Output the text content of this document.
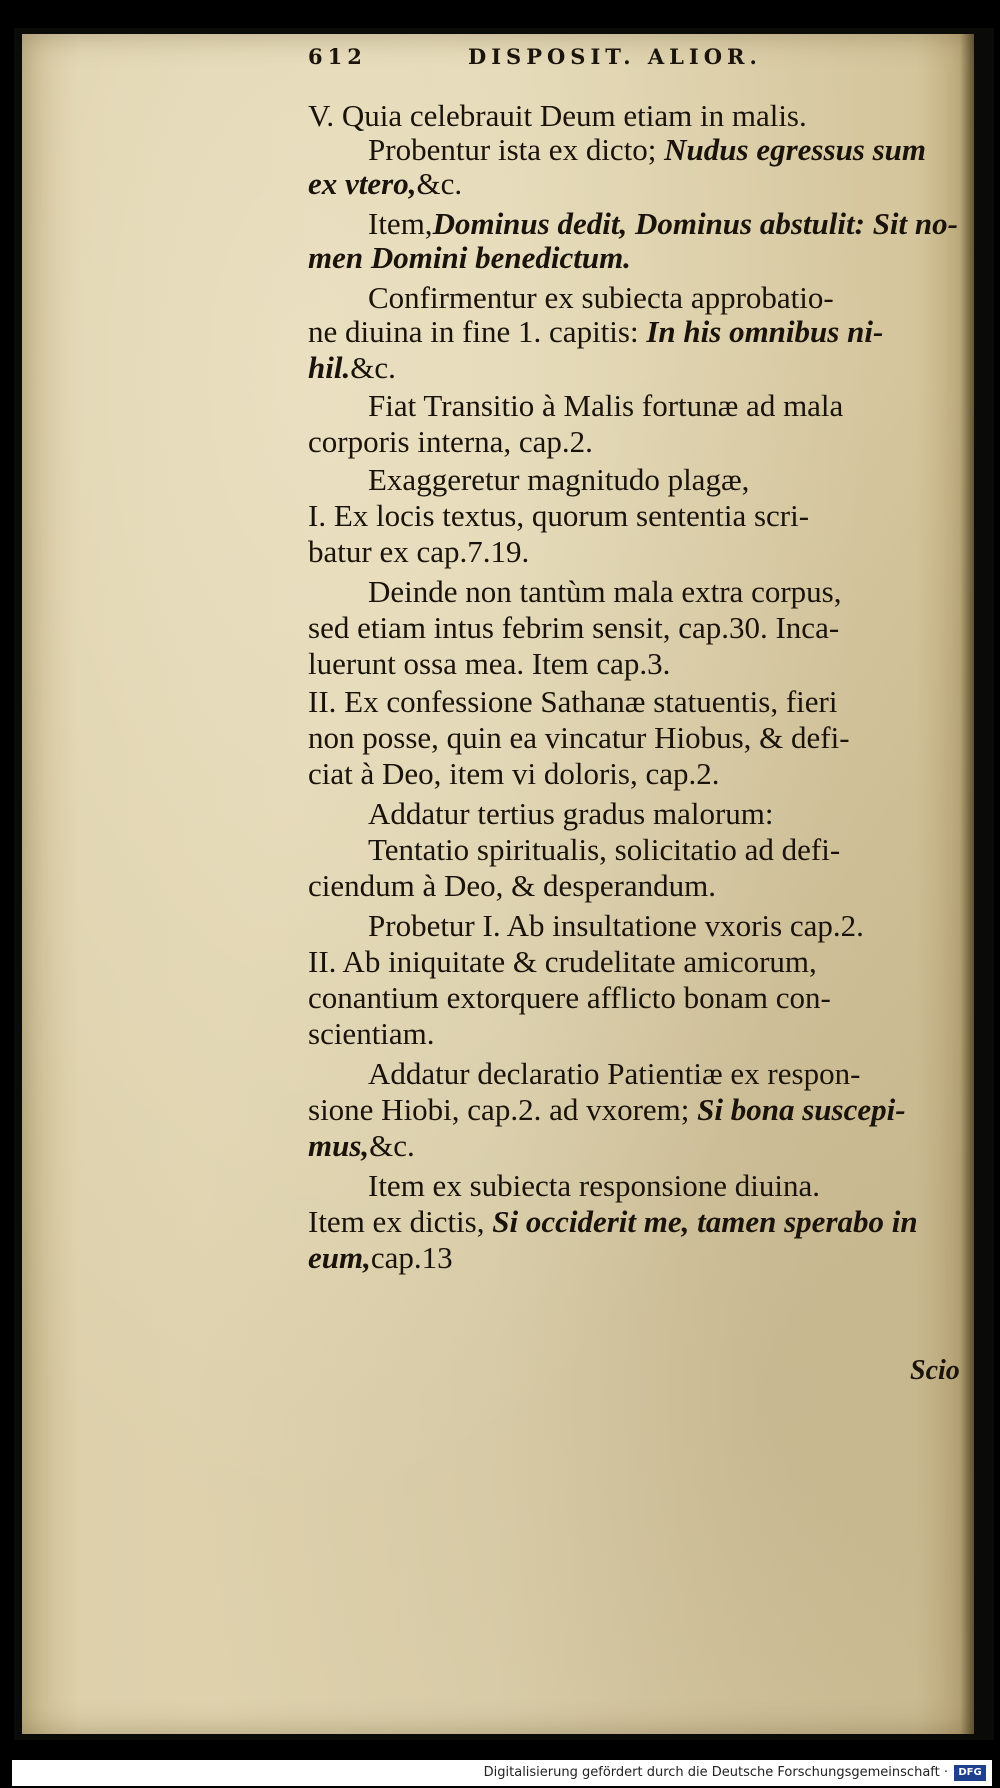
612	DISPOSIT. ALIOR.
V. Quia celebrauit Deum etiam in malis.
Probentur ista ex dicto; Nudus egressus sum
ex vtero,&c.
Item,Dominus dedit, Dominus abstulit: Sit no-
men Domini benedictum.
Confirmentur ex subiecta approbatio-
ne diuina in fine 1. capitis: In his omnibus ni-
hil.&c.
Fiat Transitio à Malis fortunæ ad mala
corporis interna, cap.2.
Exaggeretur magnitudo plagæ,
I. Ex locis textus, quorum sententia scri-
batur ex cap.7.19.
Deinde non tantùm mala extra corpus,
sed etiam intus febrim sensit, cap.30. Inca-
luerunt ossa mea. Item cap.3.
II. Ex confessione Sathanæ statuentis, fieri
non posse, quin ea vincatur Hiobus, & defi-
ciat à Deo, item vi doloris, cap.2.
Addatur tertius gradus malorum:
Tentatio spiritualis, solicitatio ad defi-
ciendum à Deo, & desperandum.
Probetur I. Ab insultatione vxoris cap.2.
II. Ab iniquitate & crudelitate amicorum,
conantium extorquere afflicto bonam con-
scientiam.
Addatur declaratio Patientiæ ex respon-
sione Hiobi, cap.2. ad vxorem; Si bona suscepi-
mus,&c.
Item ex subiecta responsione diuina.
Item ex dictis, Si occiderit me, tamen sperabo in
eum,cap.13
Scio
Digitalisierung gefördert durch die Deutsche Forschungsgemeinschaft ·	DFG
